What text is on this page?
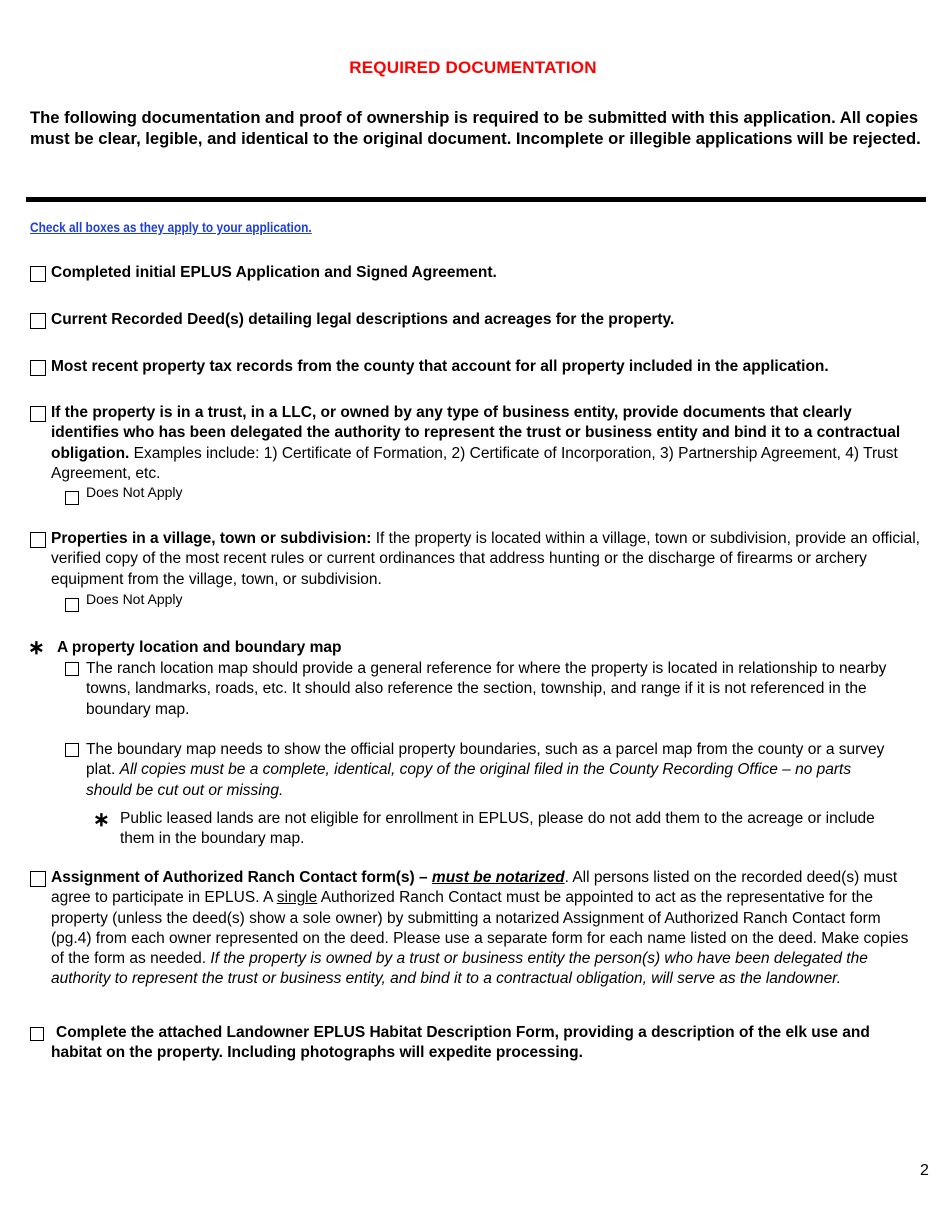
REQUIRED DOCUMENTATION
The following documentation and proof of ownership is required to be submitted with this application. All copies must be clear, legible, and identical to the original document. Incomplete or illegible applications will be rejected.
Check all boxes as they apply to your application.
Completed initial EPLUS Application and Signed Agreement.
Current Recorded Deed(s) detailing legal descriptions and acreages for the property.
Most recent property tax records from the county that account for all property included in the application.
If the property is in a trust, in a LLC, or owned by any type of business entity, provide documents that clearly identifies who has been delegated the authority to represent the trust or business entity and bind it to a contractual obligation. Examples include: 1) Certificate of Formation, 2) Certificate of Incorporation, 3) Partnership Agreement, 4) Trust Agreement, etc.
Does Not Apply
Properties in a village, town or subdivision: If the property is located within a village, town or subdivision, provide an official, verified copy of the most recent rules or current ordinances that address hunting or the discharge of firearms or archery equipment from the village, town, or subdivision.
Does Not Apply
∗ A property location and boundary map
The ranch location map should provide a general reference for where the property is located in relationship to nearby towns, landmarks, roads, etc. It should also reference the section, township, and range if it is not referenced in the boundary map.
The boundary map needs to show the official property boundaries, such as a parcel map from the county or a survey plat. All copies must be a complete, identical, copy of the original filed in the County Recording Office – no parts should be cut out or missing.
∗ Public leased lands are not eligible for enrollment in EPLUS, please do not add them to the acreage or include them in the boundary map.
Assignment of Authorized Ranch Contact form(s) – must be notarized. All persons listed on the recorded deed(s) must agree to participate in EPLUS. A single Authorized Ranch Contact must be appointed to act as the representative for the property (unless the deed(s) show a sole owner) by submitting a notarized Assignment of Authorized Ranch Contact form (pg.4) from each owner represented on the deed. Please use a separate form for each name listed on the deed. Make copies of the form as needed. If the property is owned by a trust or business entity the person(s) who have been delegated the authority to represent the trust or business entity, and bind it to a contractual obligation, will serve as the landowner.
Complete the attached Landowner EPLUS Habitat Description Form, providing a description of the elk use and habitat on the property. Including photographs will expedite processing.
2
